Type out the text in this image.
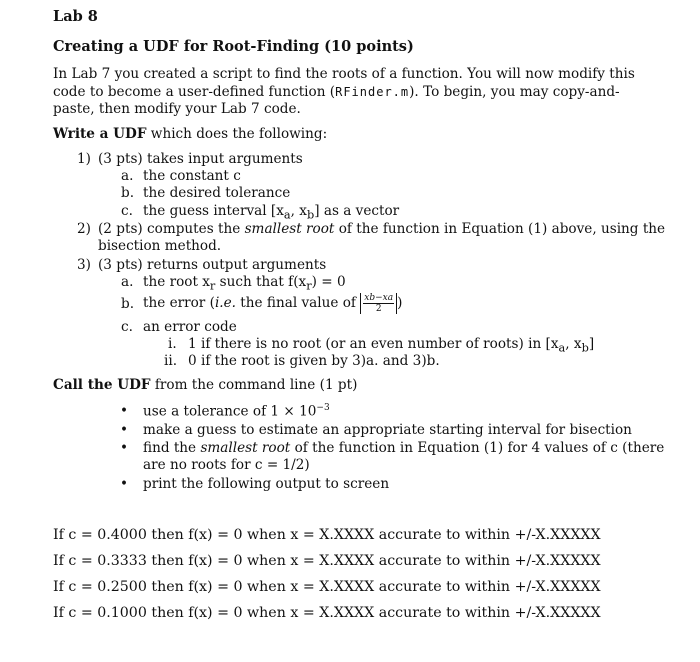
Lab 8
Creating a UDF for Root-Finding (10 points)
In Lab 7 you created a script to find the roots of a function. You will now modify this code to become a user-defined function (RFinder.m). To begin, you may copy-and-paste, then modify your Lab 7 code.
Write a UDF which does the following:
1) (3 pts) takes input arguments
a. the constant c
b. the desired tolerance
c. the guess interval [$x_a$, $x_b$] as a vector
2) (2 pts) computes the smallest root of the function in Equation (1) above, using the
bisection method.
3) (3 pts) returns output arguments
a. the root $x_r$ such that $f(x_r) = 0$
b. the error (i.e. the final value of $\frac{xb-xa}{2}$ )
c. an error code
i. 1 if there is no root (or an even number of roots) in [$x_a$, $x_b$]
ii. 0 if the root is given by 3)a. and 3)b.
Call the UDF from the command line (1 pt)
• use a tolerance of $1 \times 10^{-3}$
• make a guess to estimate an appropriate starting interval for bisection
• find the smallest root of the function in Equation (1) for 4 values of c (there
are no roots for c = 1/2)
• print the following output to screen
If c = 0.4000 then f(x) = 0 when x = X.XXXX accurate to within +/-X.XXXXX
If c = 0.3333 then f(x) = 0 when x = X.XXXX accurate to within +/-X.XXXXX
If c = 0.2500 then f(x) = 0 when x = X.XXXX accurate to within +/-X.XXXXX
If c = 0.1000 then f(x) = 0 when x = X.XXXX accurate to within +/-X.XXXXX
